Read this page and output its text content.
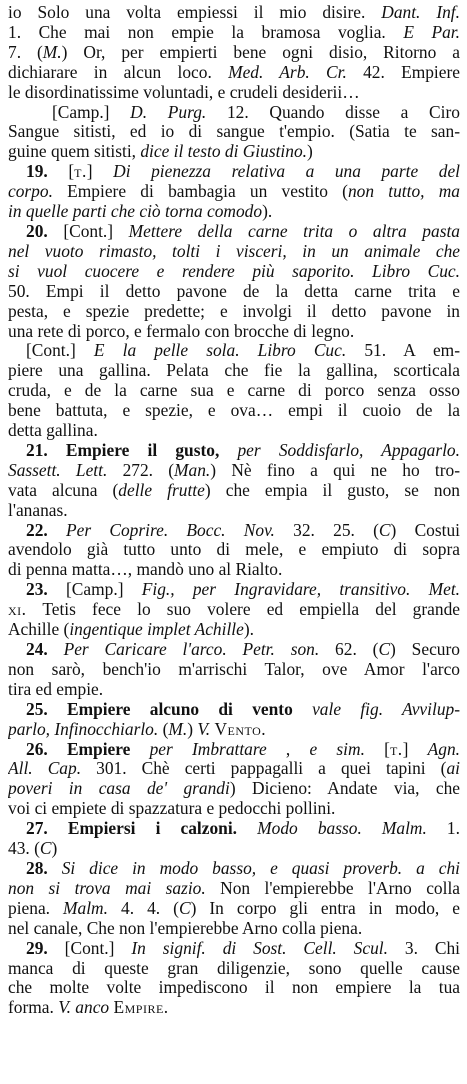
io Solo una volta empiessi il mio disire. Dant. Inf.
1. Che mai non empie la bramosa voglia. E Par.
7. (M.) Or, per empierti bene ogni disio, Ritorno a
dichiarare in alcun loco. Med. Arb. Cr. 42. Empiere
le disordinatissime voluntadi, e crudeli desiderii…
[Camp.] D. Purg. 12. Quando disse a Ciro
Sangue sitisti, ed io di sangue t'empio. (Satia te san-
guine quem sitisti, dice il testo di Giustino.)
19. [t.] Di pienezza relativa a una parte del
corpo. Empiere di bambagia un vestito (non tutto, ma
in quelle parti che ciò torna comodo).
20. [Cont.] Mettere della carne trita o altra pasta
nel vuoto rimasto, tolti i visceri, in un animale che
si vuol cuocere e rendere più saporito. Libro Cuc.
50. Empi il detto pavone de la detta carne trita e
pesta, e spezie predette; e involgi il detto pavone in
una rete di porco, e fermalo con brocche di legno.
[Cont.] E la pelle sola. Libro Cuc. 51. A em-
piere una gallina. Pelata che fie la gallina, scorticala
cruda, e de la carne sua e carne di porco senza osso
bene battuta, e spezie, e ova… empi il cuoio de la
detta gallina.
21. Empiere il gusto, per Soddisfarlo, Appagarlo.
Sassett. Lett. 272. (Man.) Nè fino a qui ne ho tro-
vata alcuna (delle frutte) che empia il gusto, se non
l'ananas.
22. Per Coprire. Bocc. Nov. 32. 25. (C) Costui
avendolo già tutto unto di mele, e empiuto di sopra
di penna matta…, mandò uno al Rialto.
23. [Camp.] Fig., per Ingravidare, transitivo. Met.
xi. Tetis fece lo suo volere ed empiella del grande
Achille (ingentique implet Achille).
24. Per Caricare l'arco. Petr. son. 62. (C) Securo
non sarò, bench'io m'arrischi Talor, ove Amor l'arco
tira ed empie.
25. Empiere alcuno di vento vale fig. Avvilup-
parlo, Infinocchiarlo. (M.) V. Vento.
26. Empiere per Imbrattare , e sim. [t.] Agn.
All. Cap. 301. Chè certi pappagalli a quei tapini (ai
poveri in casa de' grandi) Dicieno: Andate via, che
voi ci empiete di spazzatura e pedocchi pollini.
27. Empiersi i calzoni. Modo basso. Malm. 1.
43. (C)
28. Si dice in modo basso, e quasi proverb. a chi
non si trova mai sazio. Non l'empierebbe l'Arno colla
piena. Malm. 4. 4. (C) In corpo gli entra in modo, e
nel canale, Che non l'empierebbe Arno colla piena.
29. [Cont.] In signif. di Sost. Cell. Scul. 3. Chi
manca di queste gran diligenzie, sono quelle cause
che molte volte impediscono il non empiere la tua
forma. V. anco Empire.
